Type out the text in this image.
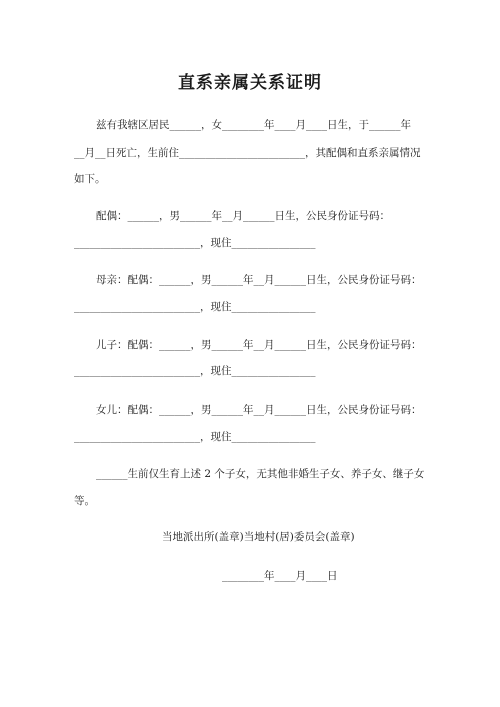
直系亲属关系证明
兹有我辖区居民______，女________年____月____日生，于______年
__月__日死亡，生前住________________________，其配偶和直系亲属情况
如下。
配偶：______，男______年__月______日生，公民身份证号码：
________________________，现住________________
母亲：配偶：______，男______年__月______日生，公民身份证号码：
________________________，现住________________
儿子：配偶：______，男______年__月______日生，公民身份证号码：
________________________，现住________________
女儿：配偶：______，男______年__月______日生，公民身份证号码：
________________________，现住________________
______生前仅生育上述 2 个子女，无其他非婚生子女、养子女、继子女
等。
当地派出所(盖章)当地村(居)委员会(盖章)
________年____月____日
